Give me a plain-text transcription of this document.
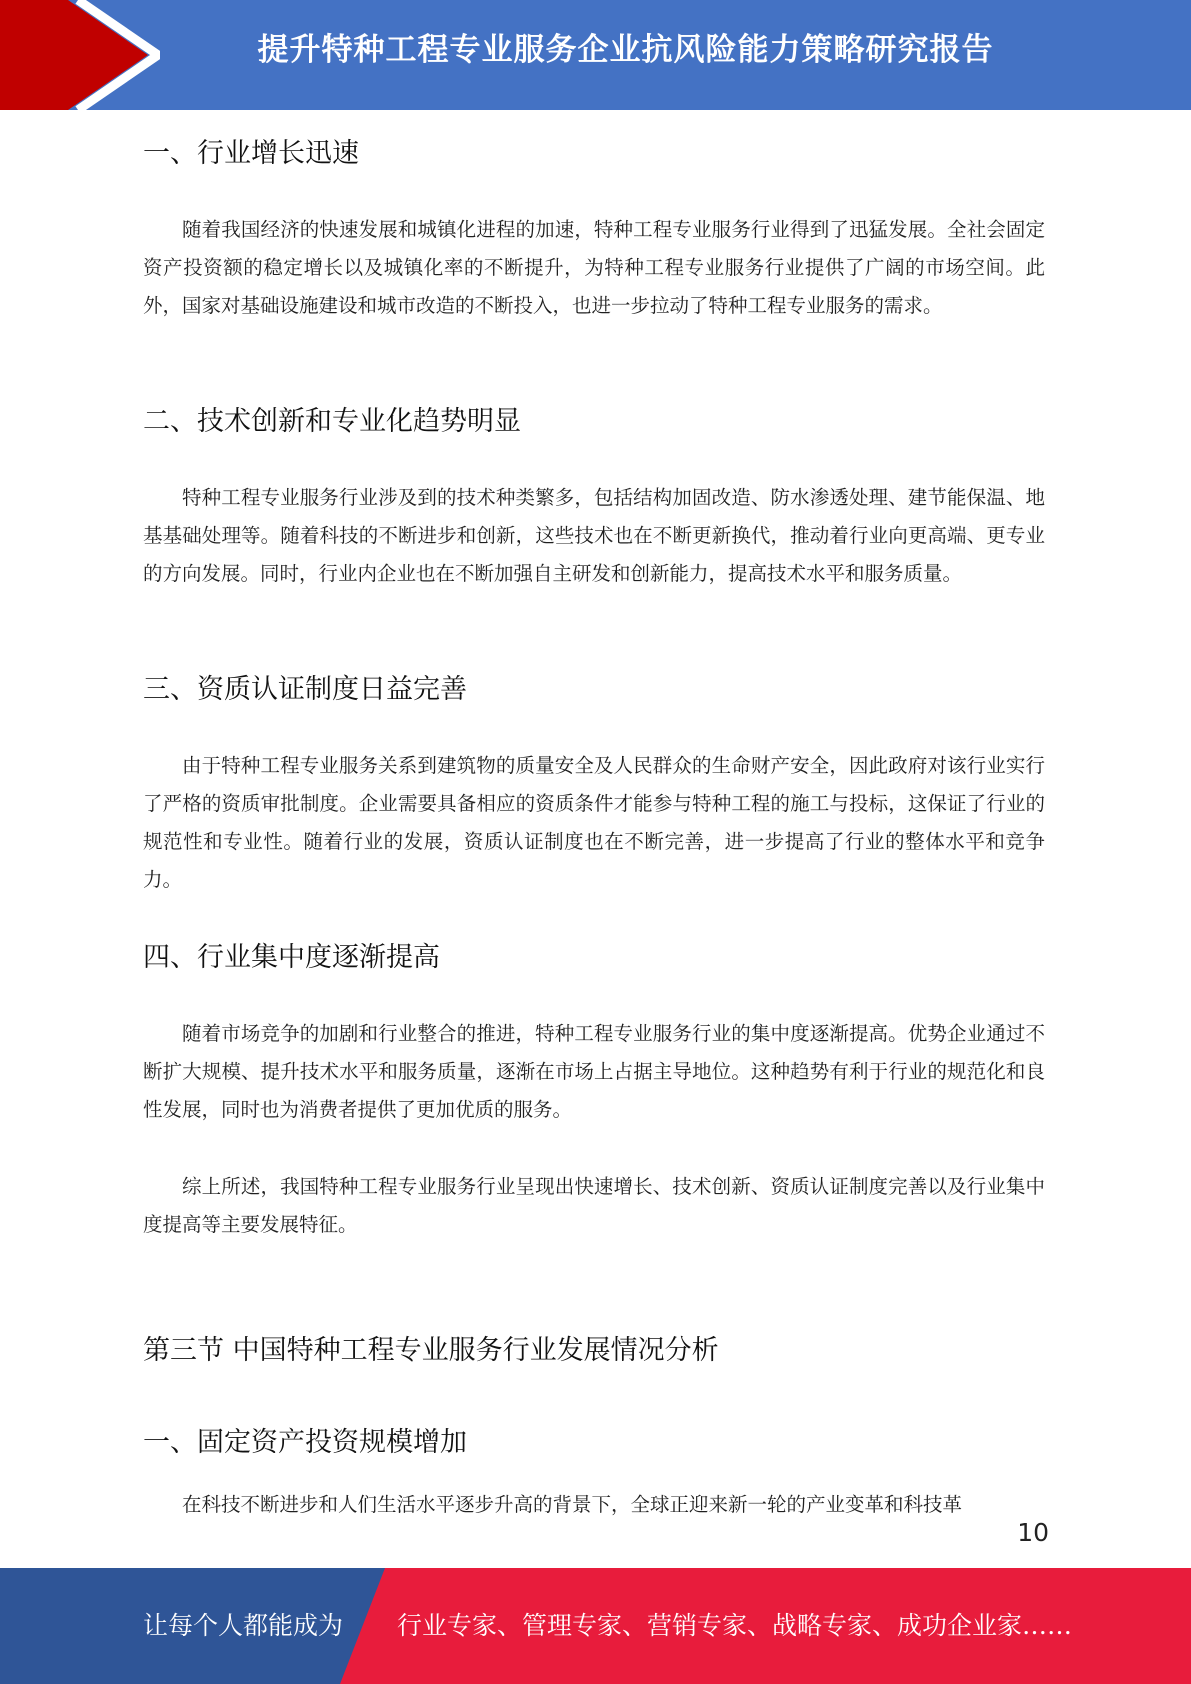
提升特种工程专业服务企业抗风险能力策略研究报告
一、行业增长迅速

随着我国经济的快速发展和城镇化进程的加速，特种工程专业服务行业得到了迅猛发展。全社会固定资产投资额的稳定增长以及城镇化率的不断提升，为特种工程专业服务行业提供了广阔的市场空间。此外，国家对基础设施建设和城市改造的不断投入，也进一步拉动了特种工程专业服务的需求。

二、技术创新和专业化趋势明显

特种工程专业服务行业涉及到的技术种类繁多，包括结构加固改造、防水渗透处理、建节能保温、地基基础处理等。随着科技的不断进步和创新，这些技术也在不断更新换代，推动着行业向更高端、更专业的方向发展。同时，行业内企业也在不断加强自主研发和创新能力，提高技术水平和服务质量。

三、资质认证制度日益完善

由于特种工程专业服务关系到建筑物的质量安全及人民群众的生命财产安全，因此政府对该行业实行了严格的资质审批制度。企业需要具备相应的资质条件才能参与特种工程的施工与投标，这保证了行业的规范性和专业性。随着行业的发展，资质认证制度也在不断完善，进一步提高了行业的整体水平和竞争力。

四、行业集中度逐渐提高

随着市场竞争的加剧和行业整合的推进，特种工程专业服务行业的集中度逐渐提高。优势企业通过不断扩大规模、提升技术水平和服务质量，逐渐在市场上占据主导地位。这种趋势有利于行业的规范化和良性发展，同时也为消费者提供了更加优质的服务。

综上所述，我国特种工程专业服务行业呈现出快速增长、技术创新、资质认证制度完善以及行业集中度提高等主要发展特征。

第三节 中国特种工程专业服务行业发展情况分析
一、固定资产投资规模增加

在科技不断进步和人们生活水平逐步升高的背景下，全球正迎来新一轮的产业变革和科技革

10
让每个人都能成为 行业专家、管理专家、营销专家、战略专家、成功企业家……
